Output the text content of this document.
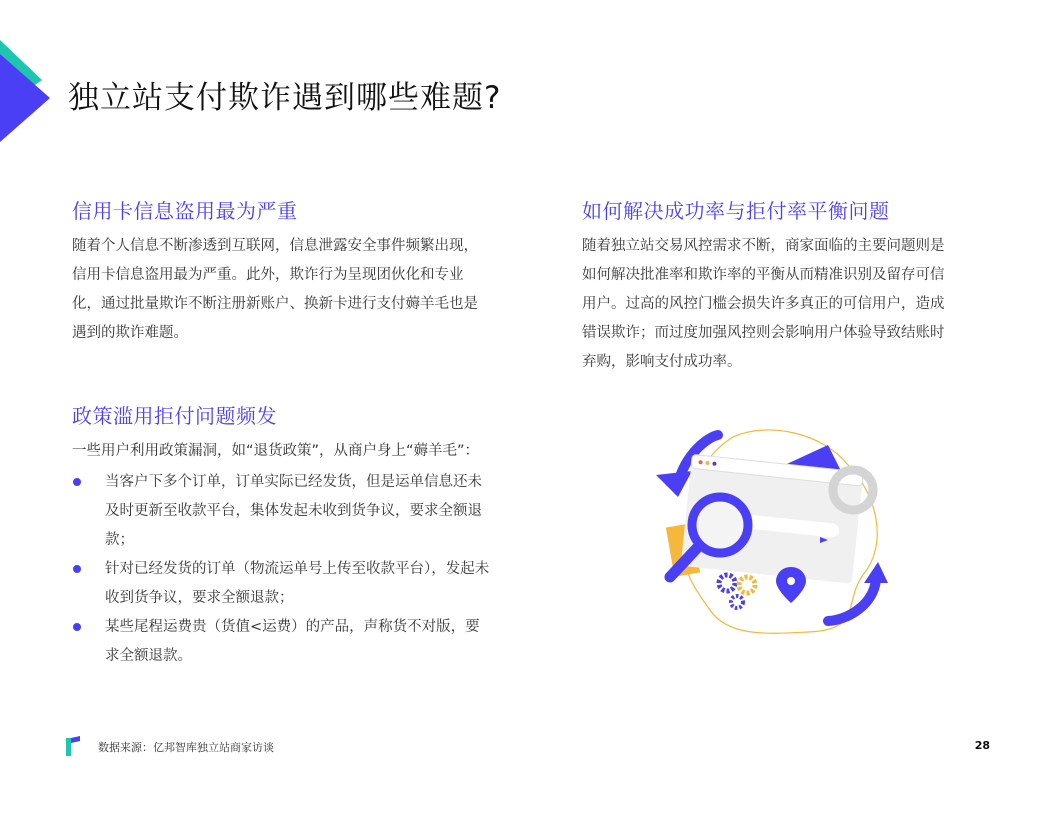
独立站支付欺诈遇到哪些难题?
信用卡信息盗用最为严重

随着个人信息不断渗透到互联网，信息泄露安全事件频繁出现，信用卡信息盗用最为严重。此外，欺诈行为呈现团伙化和专业化，通过批量欺诈不断注册新账户、换新卡进行支付薅羊毛也是遇到的欺诈难题。

如何解决成功率与拒付率平衡问题

随着独立站交易风控需求不断，商家面临的主要问题则是如何解决批准率和欺诈率的平衡从而精准识别及留存可信用户。过高的风控门槛会损失许多真正的可信用户，造成错误欺诈；而过度加强风控则会影响用户体验导致结账时弃购，影响支付成功率。

政策滥用拒付问题频发

一些用户利用政策漏洞，如“退货政策”，从商户身上“薅羊毛”：

当客户下多个订单，订单实际已经发货，但是运单信息还未及时更新至收款平台，集体发起未收到货争议，要求全额退款；
针对已经发货的订单（物流运单号上传至收款平台），发起未收到货争议，要求全额退款；
某些尾程运费贵（货值<运费）的产品，声称货不对版，要求全额退款。
数据来源：亿邦智库独立站商家访谈	28
